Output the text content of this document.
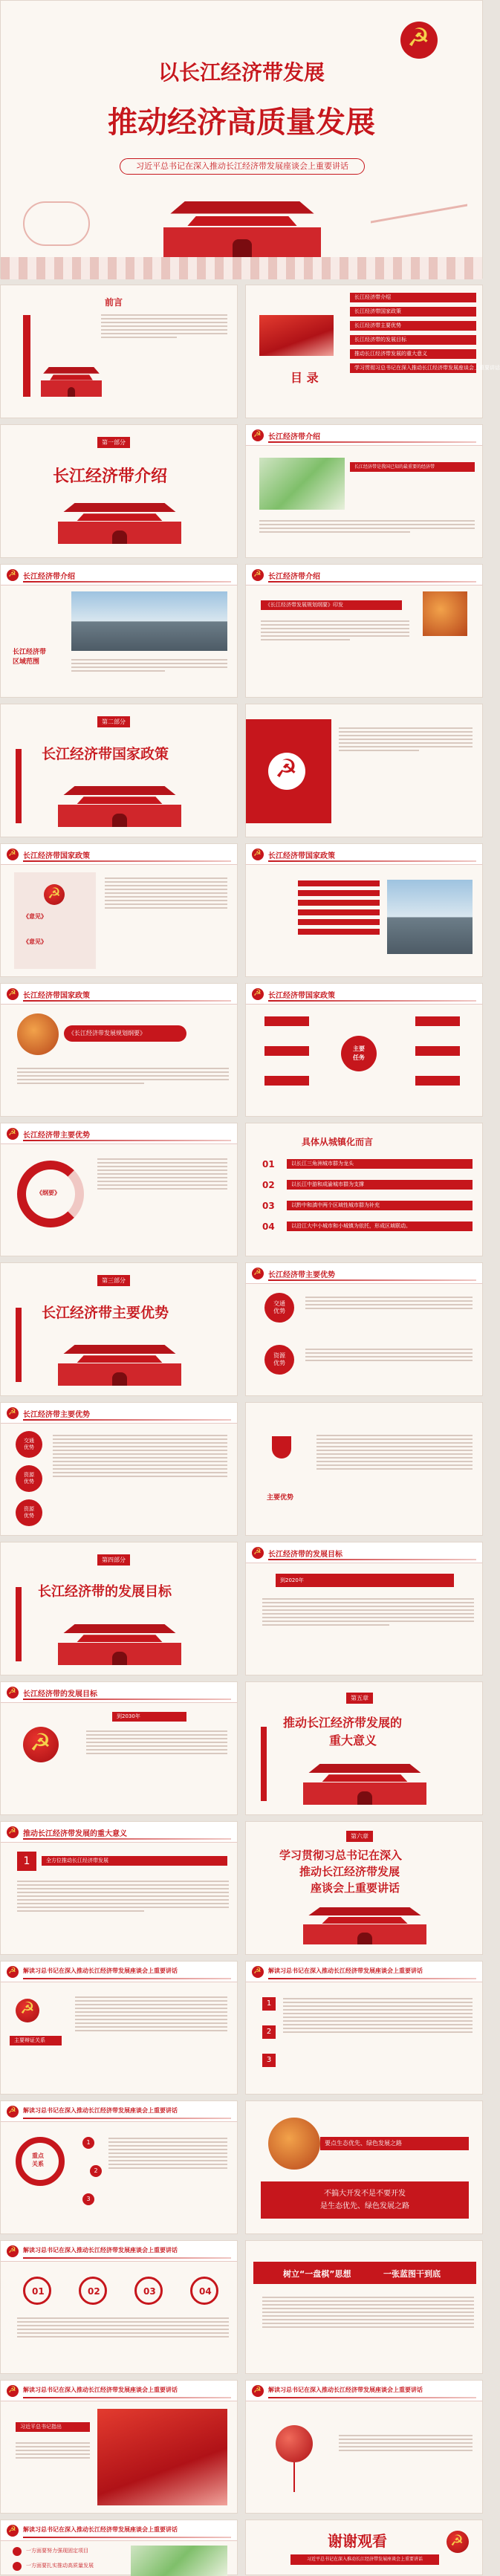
☭
以长江经济带发展
推动经济高质量发展
习近平总书记在深入推动长江经济带发展座谈会上重要讲话
前言
目 录
长江经济带介绍
长江经济带国家政策
长江经济带主要优势
长江经济带的发展目标
推动长江经济带发展的重大意义
学习贯彻习总书记在深入推动长江经济带发展座谈会上重要讲话
第一部分
长江经济带介绍
☭
长江经济带介绍
长江经济带是我国已知的最重要的经济带
☭
长江经济带介绍
长江经济带
区域范围
☭
长江经济带介绍
《长江经济带发展规划纲要》印发
第二部分
长江经济带国家政策	☭
☭
长江经济带国家政策
☭
《意见》
《意见》
☭
长江经济带国家政策
☭
长江经济带国家政策
《长江经济带发展规划纲要》
☭
长江经济带国家政策
主要
任务
☭
长江经济带主要优势
《纲要》
具体从城镇化而言
01	以长江三角洲城市群为龙头
02	以长江中游和成渝城市群为支撑
03	以黔中和滇中两个区域性城市群为补充
04	以沿江大中小城市和小城镇为依托，形成区域联动。
第三部分
长江经济带主要优势
☭
长江经济带主要优势
交通
优势
资源
优势
☭
长江经济带主要优势
交通
优势
资源
优势
资源
优势
主要优势
第四部分
长江经济带的发展目标
☭
长江经济带的发展目标
到2020年
☭
长江经济带的发展目标
☭
到2030年
第五章
推动长江经济带发展的
重大意义
☭
推动长江经济带发展的重大意义
1	全方位推动长江经济带发展
第六章
学习贯彻习总书记在深入
推动长江经济带发展
座谈会上重要讲话
☭
解读习总书记在深入推动长江经济带发展座谈会上重要讲话
☭
主要辩证关系
☭
解读习总书记在深入推动长江经济带发展座谈会上重要讲话
1
2
3
☭
解读习总书记在深入推动长江经济带发展座谈会上重要讲话
重点
关系
1
2
3
要点生态优先、绿色发展之路
不搞大开发不是不要开发
是生态优先、绿色发展之路
☭
解读习总书记在深入推动长江经济带发展座谈会上重要讲话
01	02	03	04
树立“一盘棋”思想	一张蓝图干到底
☭
解读习总书记在深入推动长江经济带发展座谈会上重要讲话
习近平总书记指出
☭
解读习总书记在深入推动长江经济带发展座谈会上重要讲话
☭
解读习总书记在深入推动长江经济带发展座谈会上重要讲话
一方面要努力强现固定项目
一方面要扎实推动高质量发展
谢谢观看
习近平总书记在深入推动长江经济带发展座谈会上重要讲话
☭
